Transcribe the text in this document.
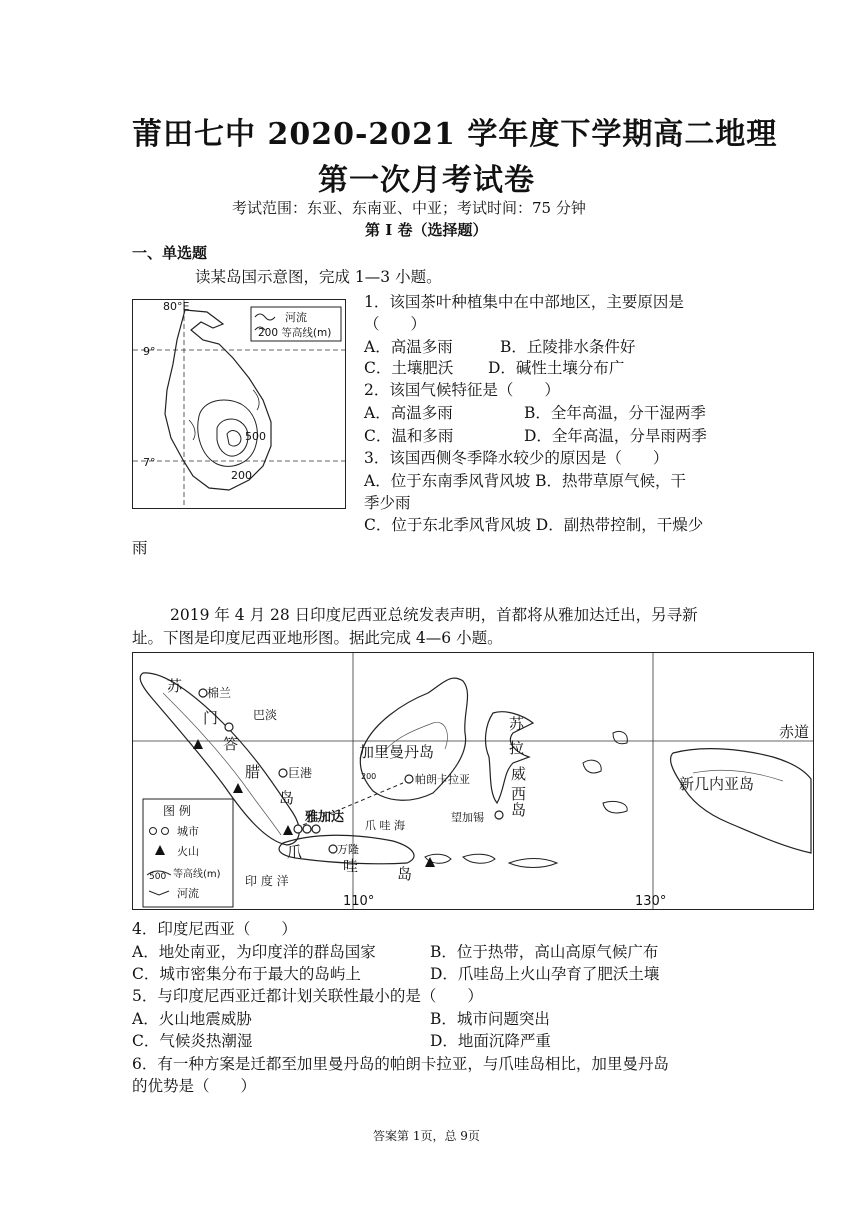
莆田七中 2020-2021 学年度下学期高二地理
第一次月考试卷
考试范围：东亚、东南亚、中亚；考试时间：75 分钟
第 I 卷（选择题）
一、单选题
读某岛国示意图，完成 1—3 小题。
河流
200 等高线(m)
80°E
9°
7°
500
200
1．该国茶叶种植集中在中部地区，主要原因是
（　　）
A．高温多雨	B．丘陵排水条件好
C．土壤肥沃 D．碱性土壤分布广
2．该国气候特征是（　　）
A．高温多雨	B．全年高温，分干湿两季
C．温和多雨	D．全年高温，分旱雨两季
3．该国西侧冬季降水较少的原因是（　　）
A．位于东南季风背风坡 B．热带草原气候，干
季少雨
C．位于东北季风背风坡 D．副热带控制，干燥少
雨
2019 年 4 月 28 日印度尼西亚总统发表声明，首都将从雅加达迁出，另寻新
址。下图是印度尼西亚地形图。据此完成 4—6 小题。
苏 棉兰
巴淡
门
答
腊 巨港
岛
加里曼丹岛
帕朗卡拉亚
200
苏
拉
威
西
岛
赤道
新几内亚岛
雅加达
爪 哇 海
望加锡
万隆
爪
哇	岛
印 度 洋
110°	130°
图 例
城市
火山
500 等高线(m)
河流
4．印度尼西亚（　　）
A．地处南亚，为印度洋的群岛国家	B．位于热带，高山高原气候广布
C．城市密集分布于最大的岛屿上	D．爪哇岛上火山孕育了肥沃土壤
5．与印度尼西亚迁都计划关联性最小的是（　　）
A．火山地震威胁	B．城市问题突出
C．气候炎热潮湿	D．地面沉降严重
6．有一种方案是迁都至加里曼丹岛的帕朗卡拉亚，与爪哇岛相比，加里曼丹岛
的优势是（　　）
答案第 1页，总 9页
